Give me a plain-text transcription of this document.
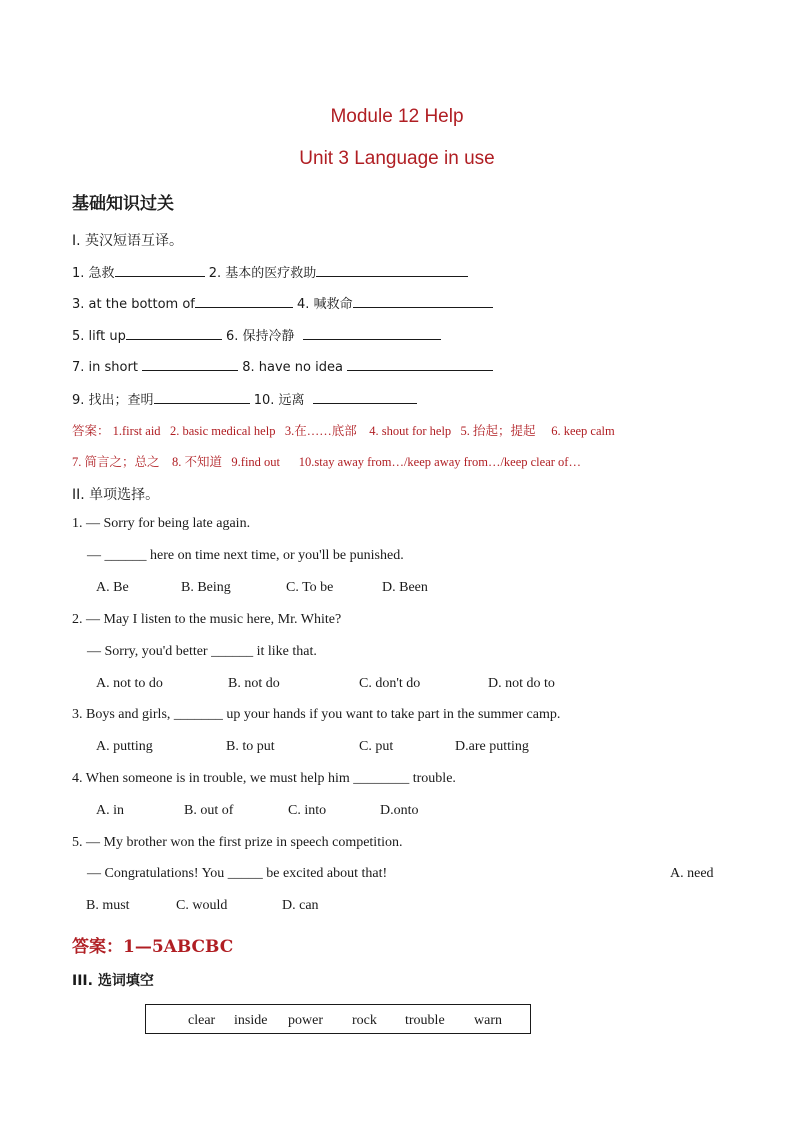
Module 12 Help
Unit 3 Language in use
基础知识过关
I. 英汉短语互译。
1. 急救	2. 基本的医疗救助
3. at the bottom of	4. 喊救命
5. lift up	6. 保持冷静
7. in short	8. have no idea
9. 找出；查明	10. 远离
答案： 1.first aid 2. basic medical help 3.在……底部 4. shout for help 5. 抬起；提起 6. keep calm
7. 简言之；总之 8. 不知道 9.find out 10.stay away from…/keep away from…/keep clear of…
II. 单项选择。
1. — Sorry for being late again.
— ______ here on time next time, or you'll be punished.
A. Be	B. Being	C. To be	D. Been
2. — May I listen to the music here, Mr. White?
— Sorry, you'd better ______ it like that.
A. not to do	B. not do	C. don't do	D. not do to
3. Boys and girls, _______ up your hands if you want to take part in the summer camp.
A. putting	B. to put	C. put	D.are putting
4. When someone is in trouble, we must help him ________ trouble.
A. in	B. out of	C. into	D.onto
5. — My brother won the first prize in speech competition.
— Congratulations! You _____ be excited about that!	A. need
B. must	C. would	D. can
答案：1—5ABCBC
III. 选词填空
clear inside power rock trouble warn
